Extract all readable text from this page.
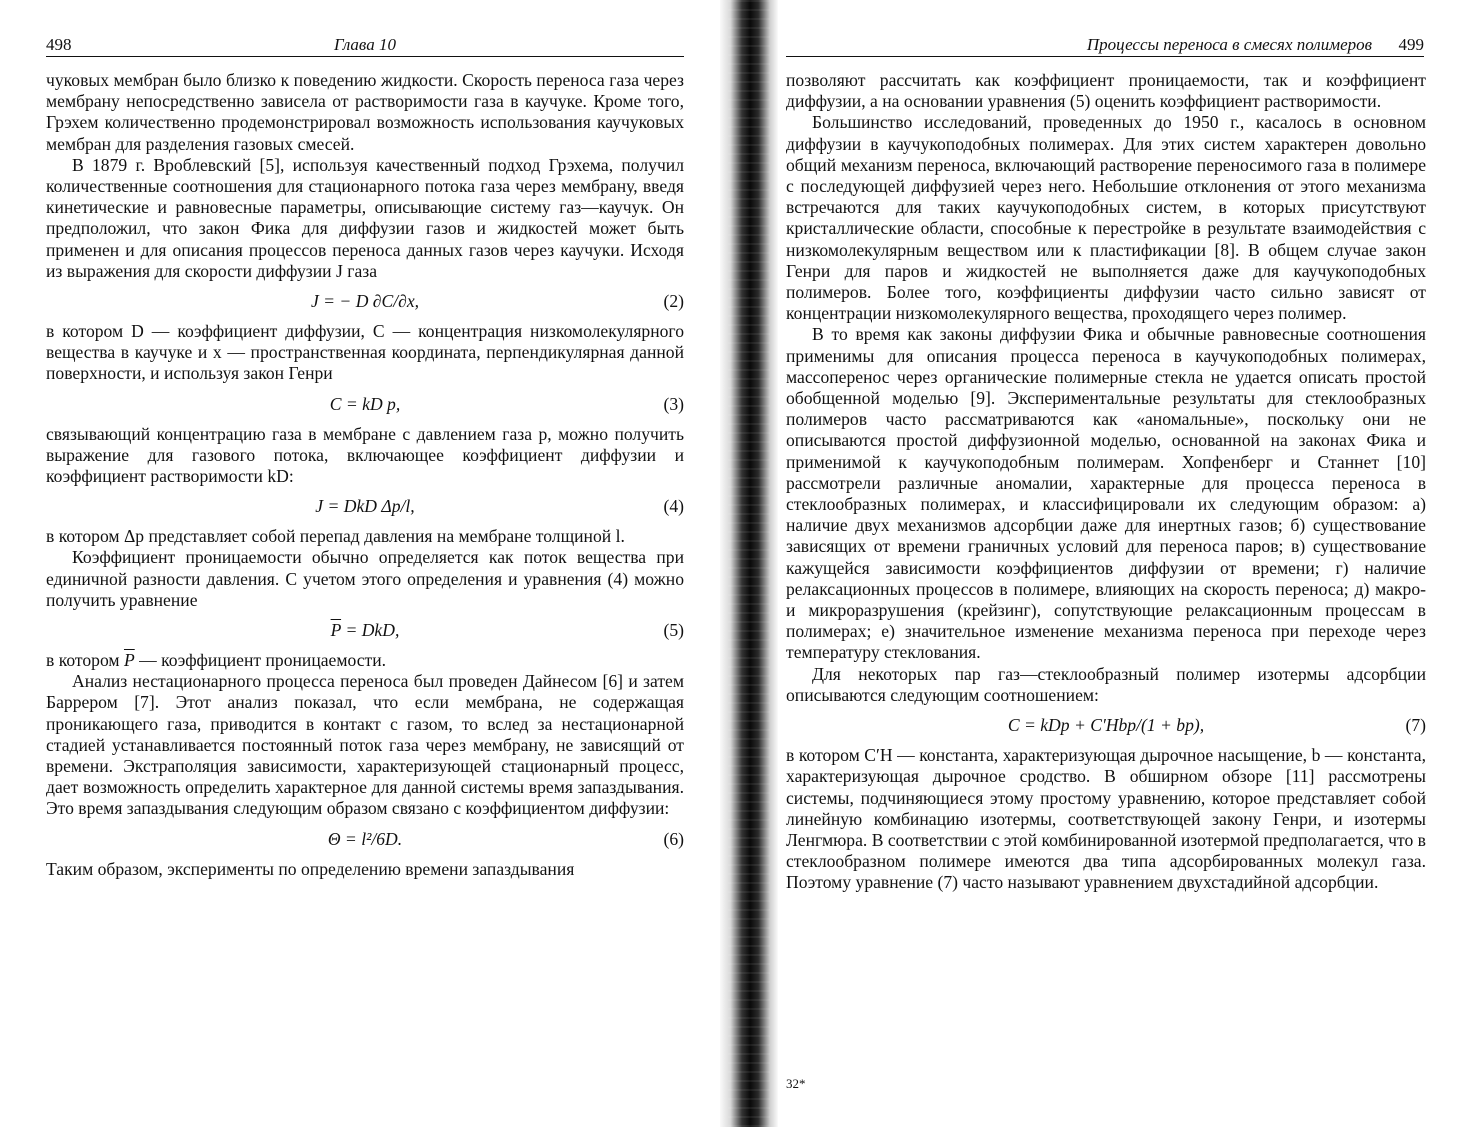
498	Глава 10

чуковых мембран было близко к поведению жидкости. Скорость переноса газа через мембрану непосредственно зависела от растворимости газа в каучуке. Кроме того, Грэхем количественно продемонстрировал возможность использования каучуковых мембран для разделения газовых смесей.

В 1879 г. Вроблевский [5], используя качественный подход Грэхема, получил количественные соотношения для стационарного потока газа через мембрану, введя кинетические и равновесные параметры, описывающие систему газ—каучук. Он предположил, что закон Фика для диффузии газов и жидкостей может быть применен и для описания процессов переноса данных газов через каучуки. Исходя из выражения для скорости диффузии J газа

J = − D ∂C/∂x,	(2)

в котором D — коэффициент диффузии, C — концентрация низкомолекулярного вещества в каучуке и x — пространственная координата, перпендикулярная данной поверхности, и используя закон Генри

C = kD p,	(3)

связывающий концентрацию газа в мембране с давлением газа p, можно получить выражение для газового потока, включающее коэффициент диффузии и коэффициент растворимости kD:

J = DkD Δp/l,	(4)

в котором Δp представляет собой перепад давления на мембране толщиной l.

Коэффициент проницаемости обычно определяется как поток вещества при единичной разности давления. С учетом этого определения и уравнения (4) можно получить уравнение

$\overline{P}$ = DkD,	(5)

в котором $\overline{P}$ — коэффициент проницаемости.

Анализ нестационарного процесса переноса был проведен Дайнесом [6] и затем Баррером [7]. Этот анализ показал, что если мембрана, не содержащая проникающего газа, приводится в контакт с газом, то вслед за нестационарной стадией устанавливается постоянный поток газа через мембрану, не зависящий от времени. Экстраполяция зависимости, характеризующей стационарный процесс, дает возможность определить характерное для данной системы время запаздывания. Это время запаздывания следующим образом связано с коэффициентом диффузии:

Θ = l²/6D.	(6)

Таким образом, эксперименты по определению времени запаздывания

Процессы переноса в смесях полимеров 499

позволяют рассчитать как коэффициент проницаемости, так и коэффициент диффузии, а на основании уравнения (5) оценить коэффициент растворимости.

Большинство исследований, проведенных до 1950 г., касалось в основном диффузии в каучукоподобных полимерах. Для этих систем характерен довольно общий механизм переноса, включающий растворение переносимого газа в полимере с последующей диффузией через него. Небольшие отклонения от этого механизма встречаются для таких каучукоподобных систем, в которых присутствуют кристаллические области, способные к перестройке в результате взаимодействия с низкомолекулярным веществом или к пластификации [8]. В общем случае закон Генри для паров и жидкостей не выполняется даже для каучукоподобных полимеров. Более того, коэффициенты диффузии часто сильно зависят от концентрации низкомолекулярного вещества, проходящего через полимер.

В то время как законы диффузии Фика и обычные равновесные соотношения применимы для описания процесса переноса в каучукоподобных полимерах, массоперенос через органические полимерные стекла не удается описать простой обобщенной моделью [9]. Экспериментальные результаты для стеклообразных полимеров часто рассматриваются как «аномальные», поскольку они не описываются простой диффузионной моделью, основанной на законах Фика и применимой к каучукоподобным полимерам. Хопфенберг и Станнет [10] рассмотрели различные аномалии, характерные для процесса переноса в стеклообразных полимерах, и классифицировали их следующим образом: а) наличие двух механизмов адсорбции даже для инертных газов; б) существование зависящих от времени граничных условий для переноса паров; в) существование кажущейся зависимости коэффициентов диффузии от времени; г) наличие релаксационных процессов в полимере, влияющих на скорость переноса; д) макро- и микроразрушения (крейзинг), сопутствующие релаксационным процессам в полимерах; е) значительное изменение механизма переноса при переходе через температуру стеклования.

Для некоторых пар газ—стеклообразный полимер изотермы адсорбции описываются следующим соотношением:

C = kDp + C′Hbp/(1 + bp),	(7)

в котором C′H — константа, характеризующая дырочное насыщение, b — константа, характеризующая дырочное сродство. В обширном обзоре [11] рассмотрены системы, подчиняющиеся этому простому уравнению, которое представляет собой линейную комбинацию изотермы, соответствующей закону Генри, и изотермы Ленгмюра. В соответствии с этой комбинированной изотермой предполагается, что в стеклообразном полимере имеются два типа адсорбированных молекул газа. Поэтому уравнение (7) часто называют уравнением двухстадийной адсорбции.

32*
